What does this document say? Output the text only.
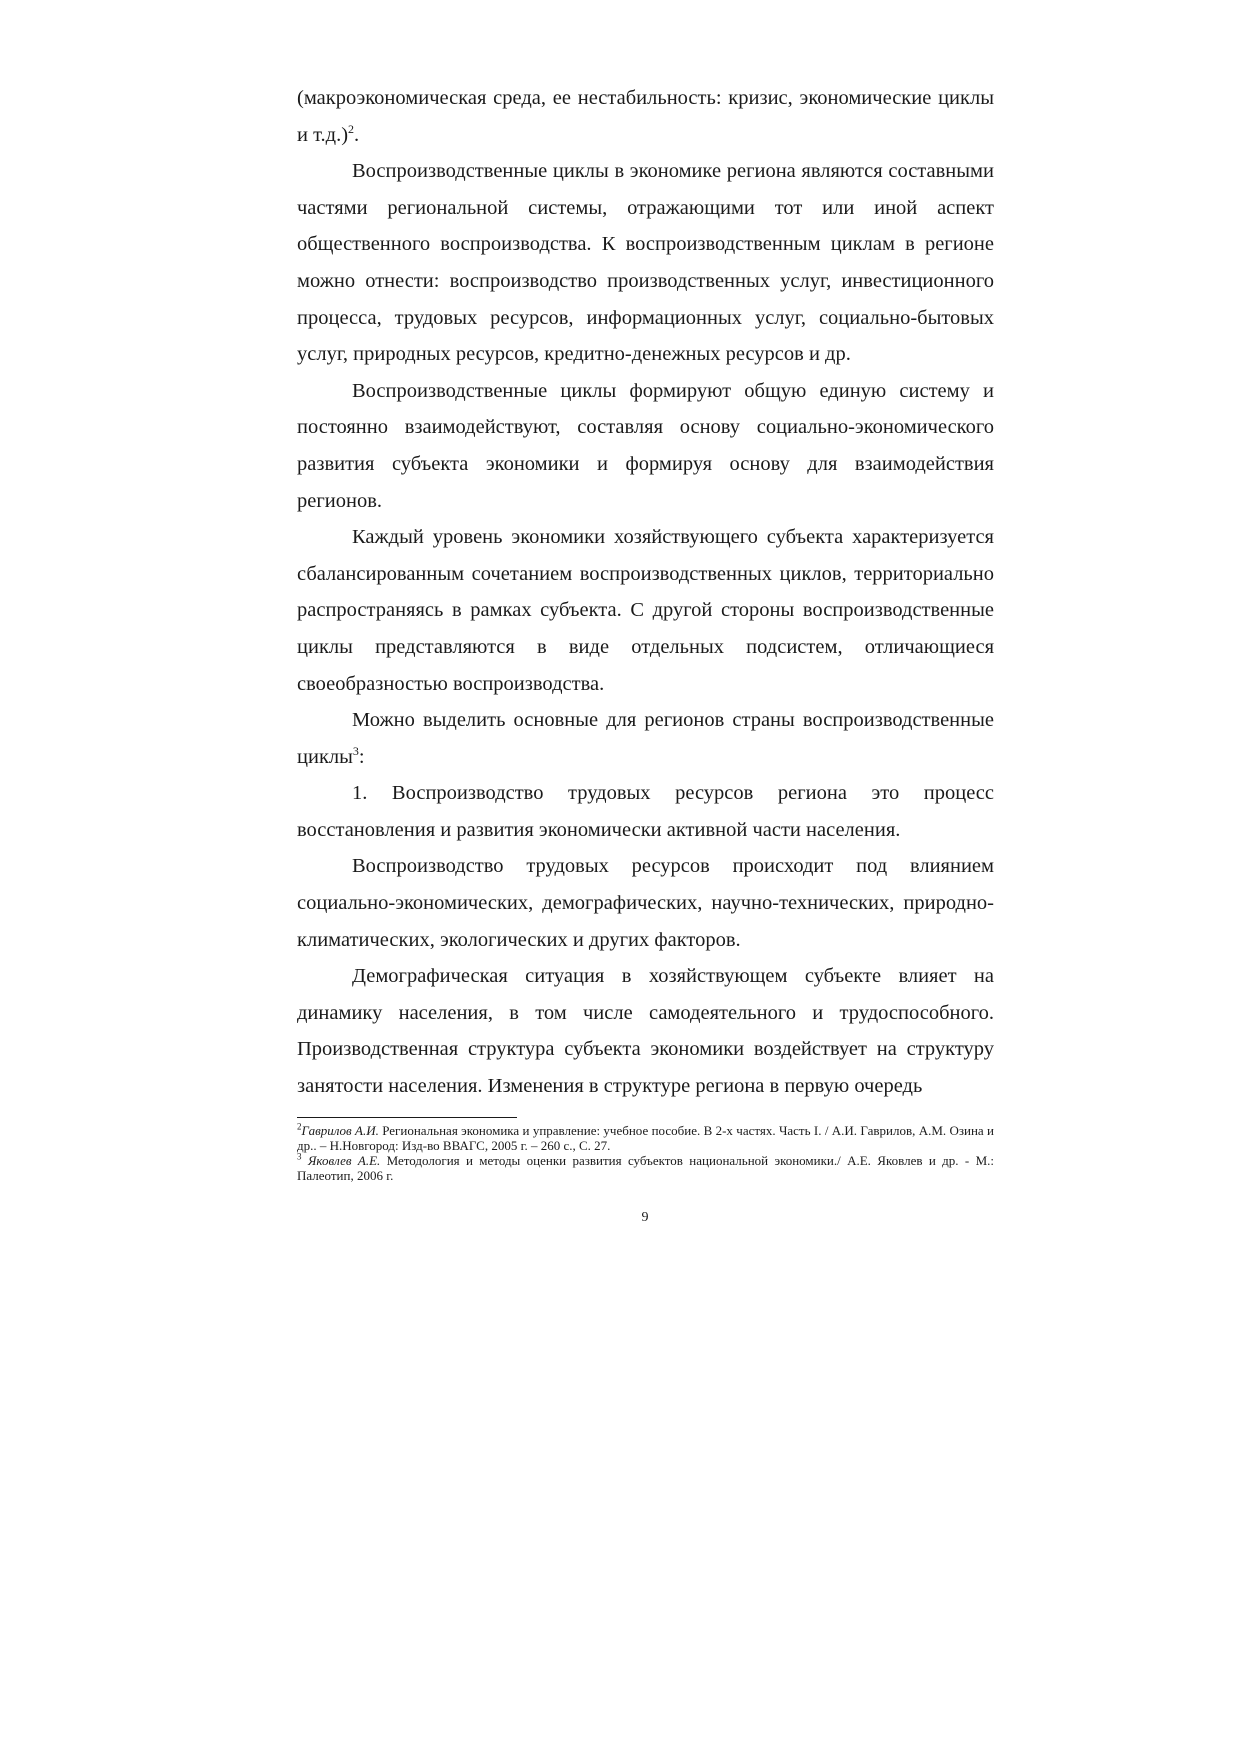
(макроэкономическая среда, ее нестабильность: кризис, экономические циклы и т.д.)$^2$.

Воспроизводственные циклы в экономике региона являются составными частями региональной системы, отражающими тот или иной аспект общественного воспроизводства. К воспроизводственным циклам в регионе можно отнести: воспроизводство производственных услуг, инвестиционного процесса, трудовых ресурсов, информационных услуг, социально-бытовых услуг, природных ресурсов, кредитно-денежных ресурсов и др.

Воспроизводственные циклы формируют общую единую систему и постоянно взаимодействуют, составляя основу социально-экономического развития субъекта экономики и формируя основу для взаимодействия регионов.

Каждый уровень экономики хозяйствующего субъекта характеризуется сбалансированным сочетанием воспроизводственных циклов, территориально распространяясь в рамках субъекта. С другой стороны воспроизводственные циклы представляются в виде отдельных подсистем, отличающиеся своеобразностью воспроизводства.

Можно выделить основные для регионов страны воспроизводственные циклы$^3$:

1. Воспроизводство трудовых ресурсов региона это процесс восстановления и развития экономически активной части населения.

Воспроизводство трудовых ресурсов происходит под влиянием социально-экономических, демографических, научно-технических, природно-климатических, экологических и других факторов.

Демографическая ситуация в хозяйствующем субъекте влияет на динамику населения, в том числе самодеятельного и трудоспособного. Производственная структура субъекта экономики воздействует на структуру занятости населения. Изменения в структуре региона в первую очередь

$^2$Гаврилов А.И. Региональная экономика и управление: учебное пособие. В 2-х частях. Часть I. / А.И. Гаврилов, А.М. Озина и др.. – Н.Новгород: Изд-во ВВАГС, 2005 г. – 260 с., С. 27.

$^3$ Яковлев А.Е. Методология и методы оценки развития субъектов национальной экономики./ А.Е. Яковлев и др. - М.: Палеотип, 2006 г.

9
